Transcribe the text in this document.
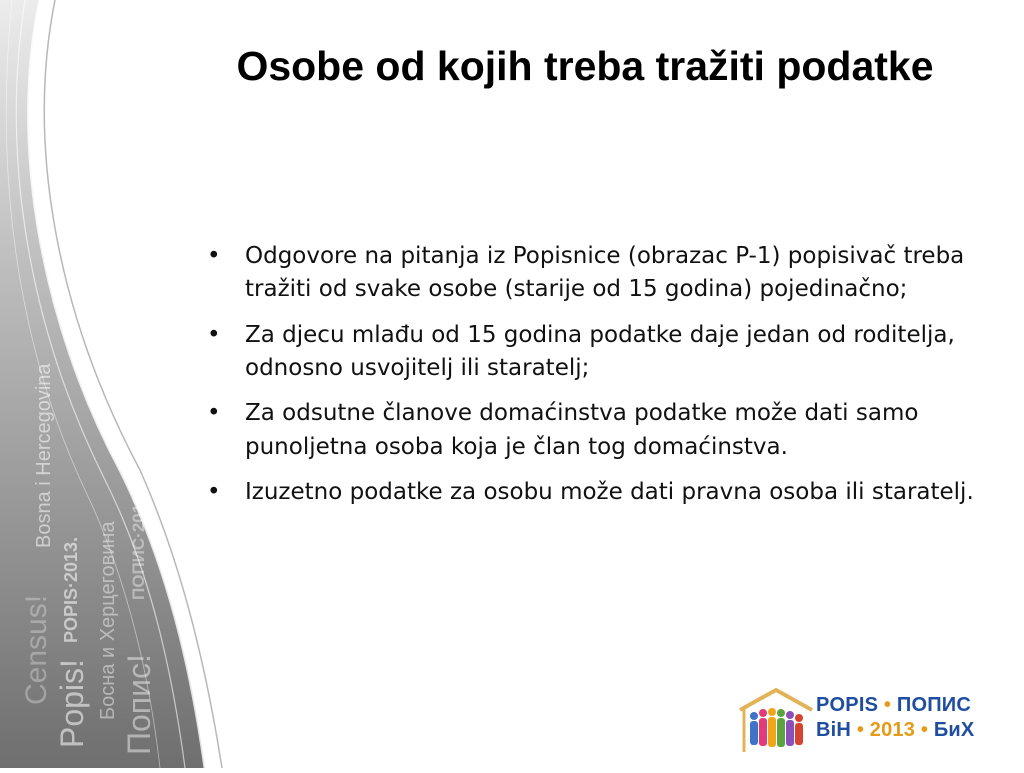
Census!
Bosna i Hercegovina
Popis!
POPIS·2013. Босна и Херцеговина Попис!
ПОПИС·2013.
Osobe od kojih treba tražiti podatke
• Odgovore na pitanja iz Popisnice (obrazac P-1) popisivač treba tražiti od svake osobe (starije od 15 godina) pojedinačno;
• Za djecu mlađu od 15 godina podatke daje jedan od roditelja, odnosno usvojitelj ili staratelj;
• Za odsutne članove domaćinstva podatke može dati samo punoljetna osoba koja je član tog domaćinstva.
• Izuzetno podatke za osobu može dati pravna osoba ili staratelj.
POPIS • ПОПИС
BiH • 2013 • БиХ
